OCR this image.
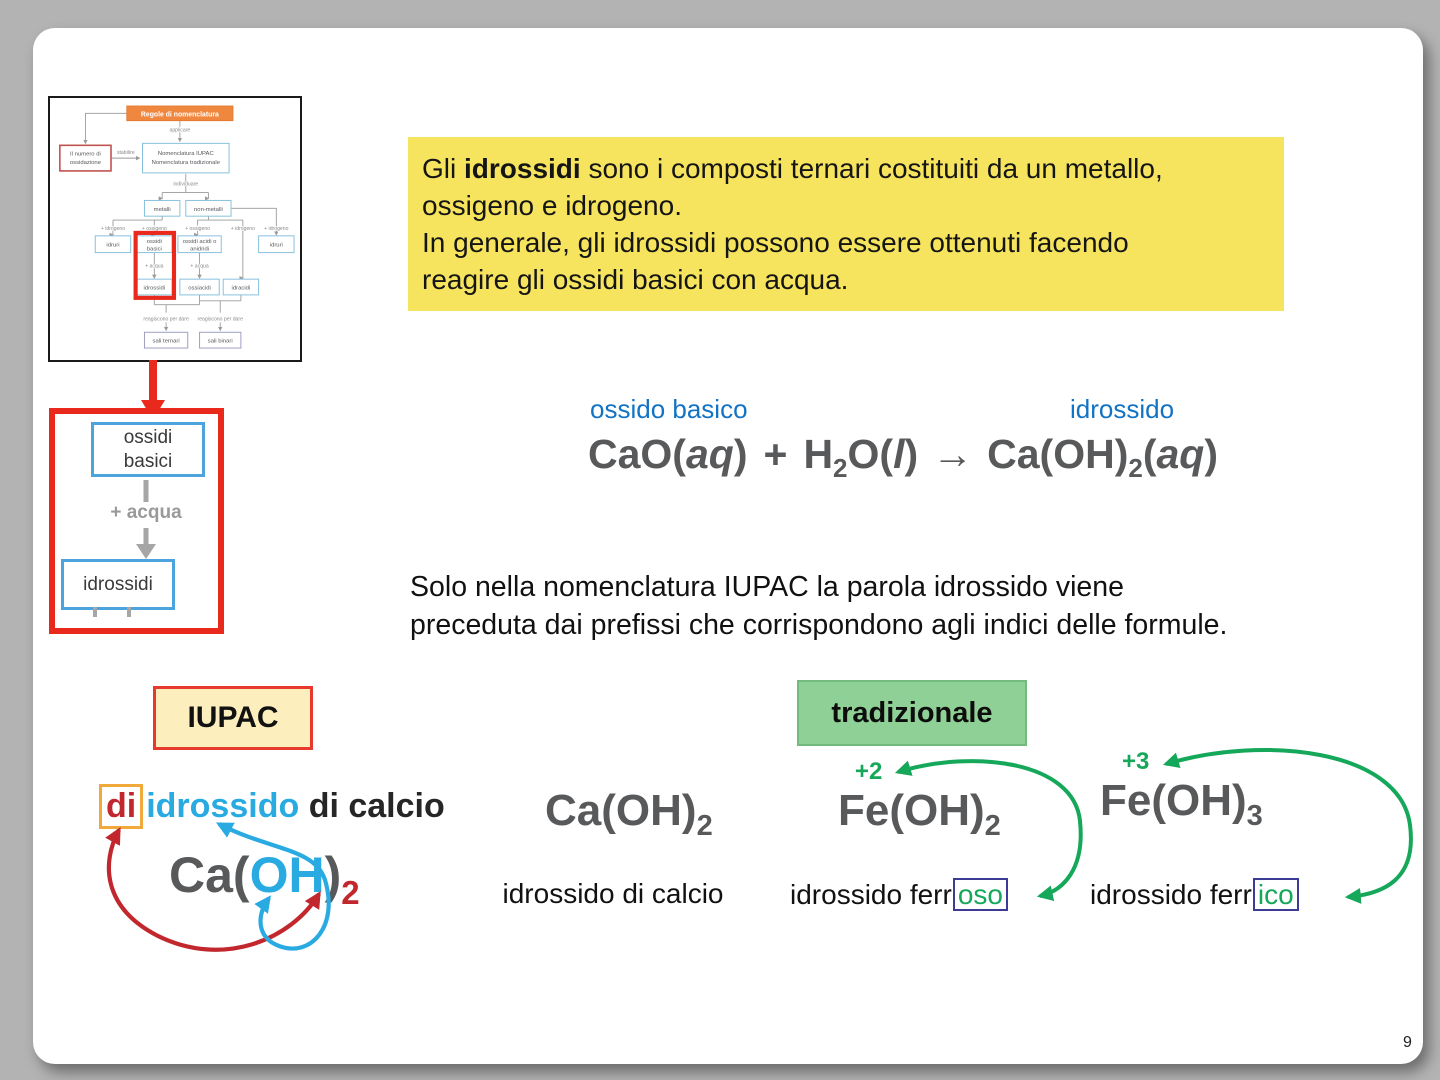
Regole di nomenclatura
applicare
Il numero di
ossidazione
stabilire	Nomenclatura IUPAC
Nomenclatura tradizionale
individuare
metalli	non-metalli
+ idrogeno	+ ossigeno	+ ossigeno	+ idrogeno + idrogeno
idruri
ossidi
basici
ossidi acidi o
anidridi
idruri
+ acqua	+ acqua
idrossidi	ossiacidi	idracidi
reagiscono per dare reagiscono per dare
sali ternari	sali binari
ossidi
basici
+ acqua
idrossidi
Gli idrossidi sono i composti ternari costituiti da un metallo,
ossigeno e idrogeno.
In generale, gli idrossidi possono essere ottenuti facendo
reagire gli ossidi basici con acqua.
ossido basico	idrossido
$CaO(aq) + H_2O(l) \to Ca(OH)_2(aq)$
Solo nella nomenclatura IUPAC la parola idrossido viene
preceduta dai prefissi che corrispondono agli indici delle formule.
IUPAC
di idrossido di calcio
$Ca(OH)_2$
tradizionale
$Ca(OH)_2$
idrossido di calcio
+2
$Fe(OH)_2$
idrossido ferr oso
+3
$Fe(OH)_3$
idrossido ferr ico
9
